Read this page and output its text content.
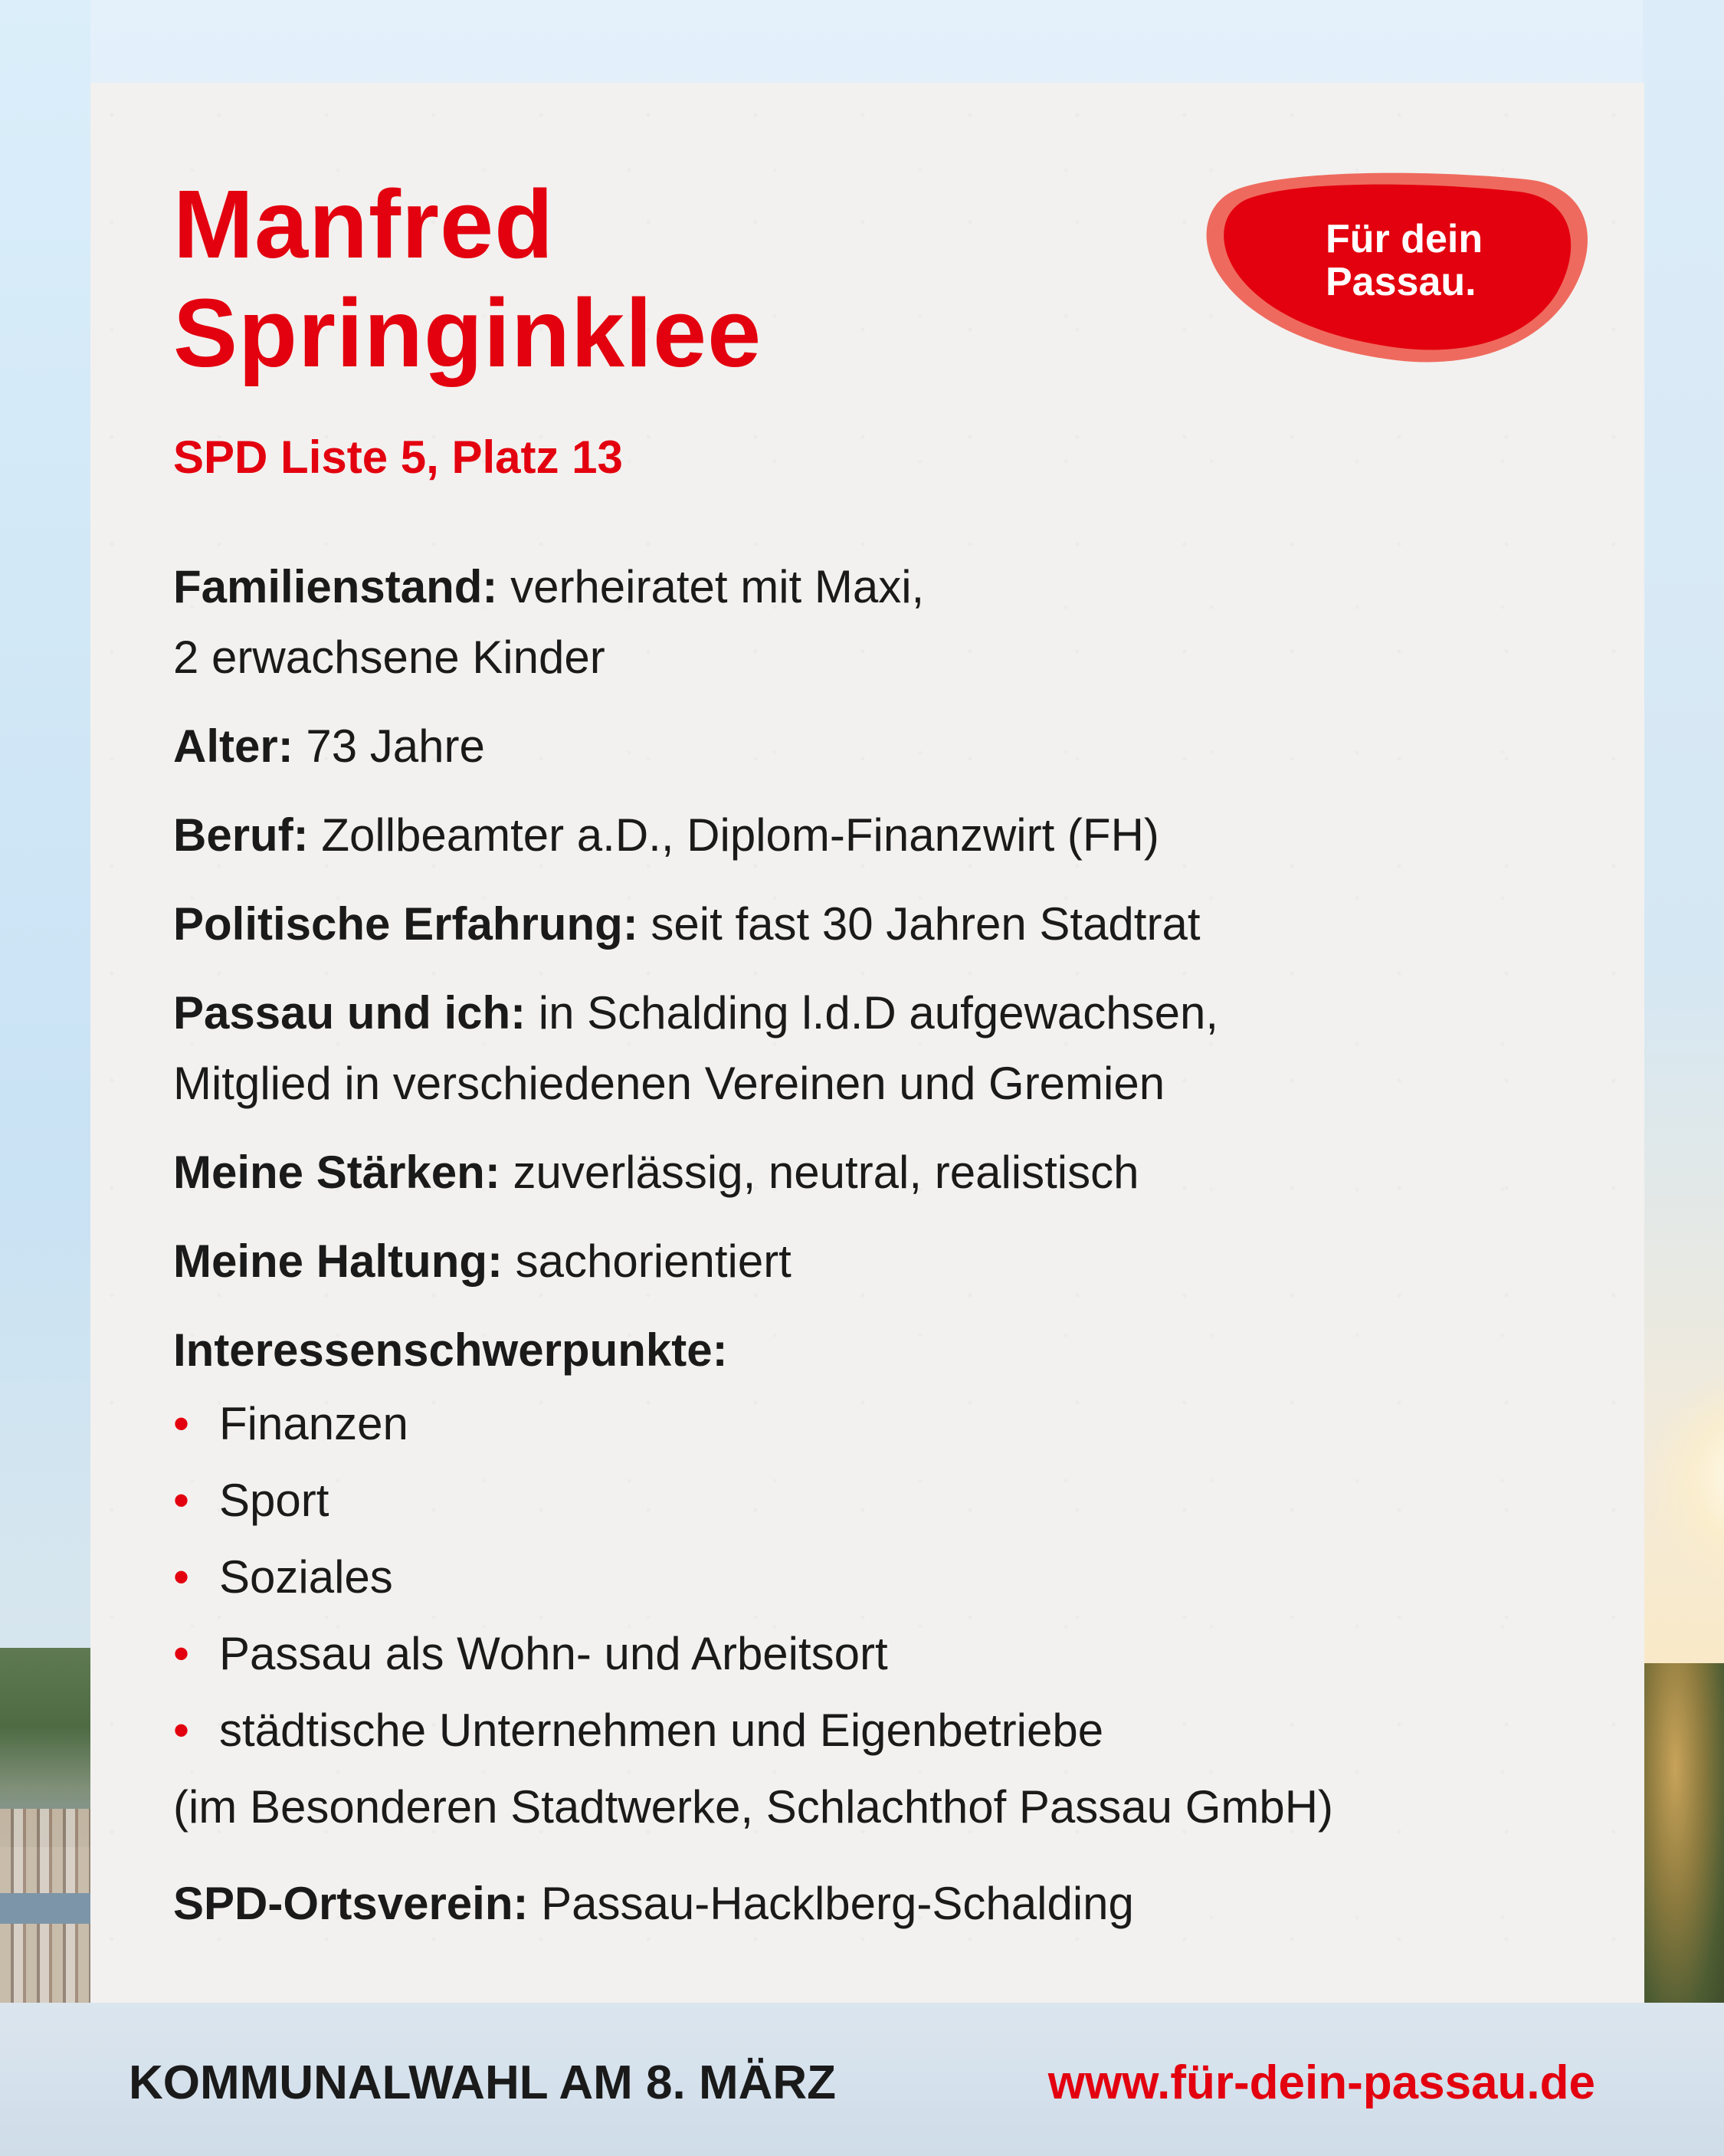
Manfred
Springinklee
SPD Liste 5, Platz 13
Für dein
Passau.
Familienstand: verheiratet mit Maxi,
2 erwachsene Kinder
Alter: 73 Jahre
Beruf: Zollbeamter a.D., Diplom-Finanzwirt (FH)
Politische Erfahrung: seit fast 30 Jahren Stadtrat
Passau und ich: in Schalding l.d.D aufgewachsen,
Mitglied in verschiedenen Vereinen und Gremien
Meine Stärken: zuverlässig, neutral, realistisch
Meine Haltung: sachorientiert
Interessenschwerpunkte:
• Finanzen
• Sport
• Soziales
• Passau als Wohn- und Arbeitsort
• städtische Unternehmen und Eigenbetriebe
(im Besonderen Stadtwerke, Schlachthof Passau GmbH)
SPD-Ortsverein: Passau-Hacklberg-Schalding
KOMMUNALWAHL AM 8. MÄRZ	www.für-dein-passau.de
